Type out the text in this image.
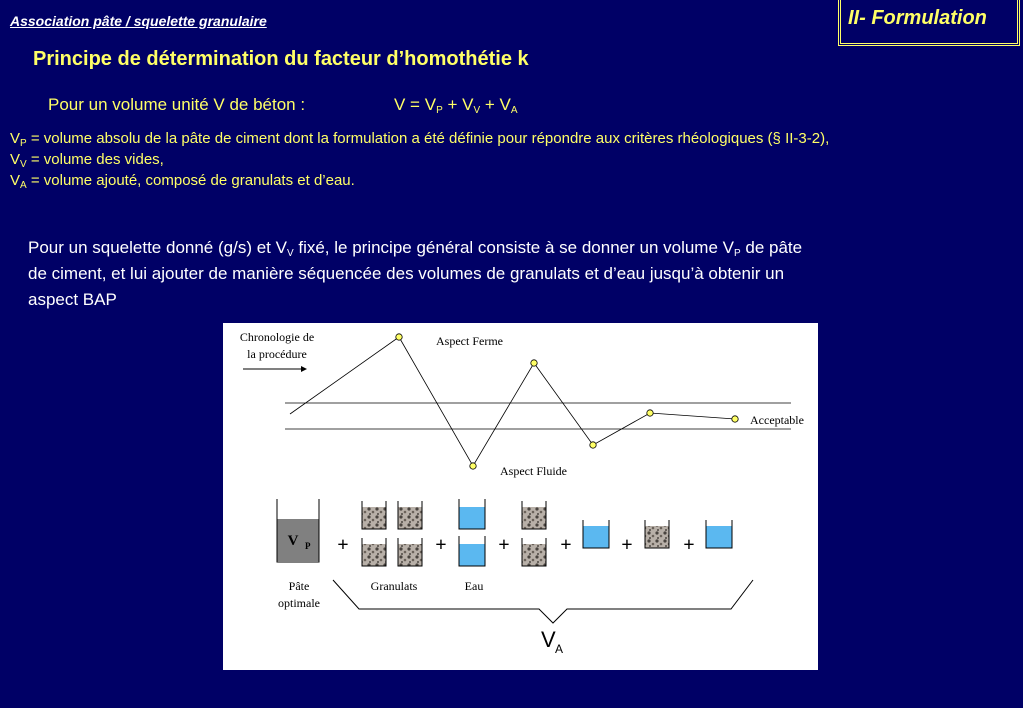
Association pâte / squelette granulaire	II- Formulation
Principe de détermination du facteur d’homothétie k
Pour un volume unité V de béton :	$V = V_P + V_V + V_A$
$V_P$ = volume absolu de la pâte de ciment dont la formulation a été définie pour répondre aux critères rhéologiques (§ II-3-2),
$V_V$ = volume des vides,
$V_A$ = volume ajouté, composé de granulats et d’eau.
Pour un squelette donné (g/s) et $V_V$ fixé, le principe général consiste à se donner un volume $V_P$ de pâte
de ciment, et lui ajouter de manière séquencée des volumes de granulats et d’eau jusqu’à obtenir un
aspect BAP
Chronologie de
la procédure
Aspect Ferme
Aspect Fluide
Acceptable
V P +	+	+	+ +	+
Pâte
optimale
Granulats	Eau
V A
